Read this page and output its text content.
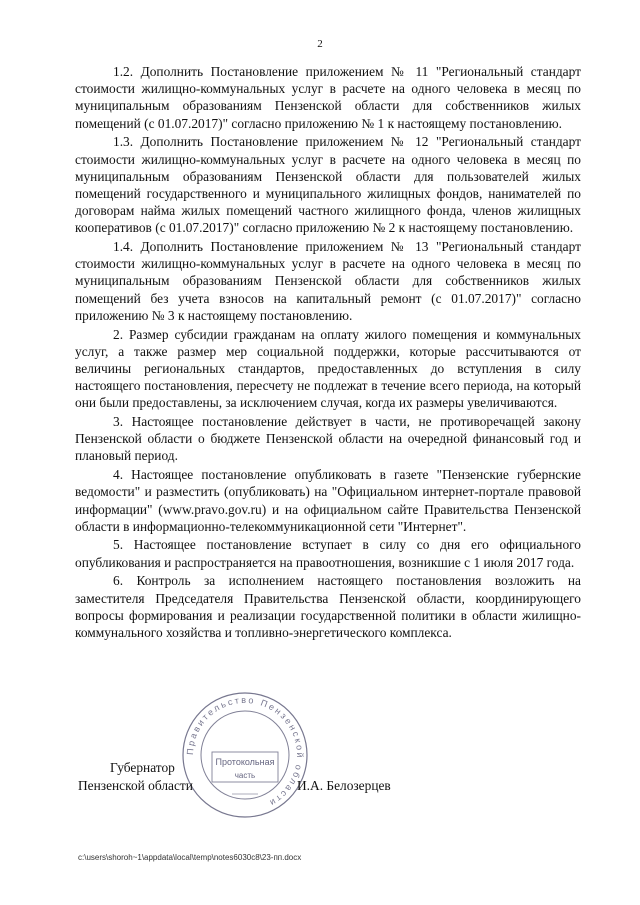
2

1.2. Дополнить Постановление приложением № 11 "Региональный стандарт стоимости жилищно-коммунальных услуг в расчете на одного человека в месяц по муниципальным образованиям Пензенской области для собственников жилых помещений (с 01.07.2017)" согласно приложению № 1 к настоящему постановлению.

1.3. Дополнить Постановление приложением № 12 "Региональный стандарт стоимости жилищно-коммунальных услуг в расчете на одного человека в месяц по муниципальным образованиям Пензенской области для пользователей жилых помещений государственного и муниципального жилищных фондов, нанимателей по договорам найма жилых помещений частного жилищного фонда, членов жилищных кооперативов (с 01.07.2017)" согласно приложению № 2 к настоящему постановлению.

1.4. Дополнить Постановление приложением № 13 "Региональный стандарт стоимости жилищно-коммунальных услуг в расчете на одного человека в месяц по муниципальным образованиям Пензенской области для собственников жилых помещений без учета взносов на капитальный ремонт (с 01.07.2017)" согласно приложению № 3 к настоящему постановлению.

2. Размер субсидии гражданам на оплату жилого помещения и коммунальных услуг, а также размер мер социальной поддержки, которые рассчитываются от величины региональных стандартов, предоставленных до вступления в силу настоящего постановления, пересчету не подлежат в течение всего периода, на который они были предоставлены, за исключением случая, когда их размеры увеличиваются.

3. Настоящее постановление действует в части, не противоречащей закону Пензенской области о бюджете Пензенской области на очередной финансовый год и плановый период.

4. Настоящее постановление опубликовать в газете "Пензенские губернские ведомости" и разместить (опубликовать) на "Официальном интернет-портале правовой информации" (www.pravo.gov.ru) и на официальном сайте Правительства Пензенской области в информационно-телекоммуникационной сети "Интернет".

5. Настоящее постановление вступает в силу со дня его официального опубликования и распространяется на правоотношения, возникшие с 1 июля 2017 года.

6. Контроль за исполнением настоящего постановления возложить на заместителя Председателя Правительства Пензенской области, координирующего вопросы формирования и реализации государственной политики в области жилищно-коммунального хозяйства и топливно-энергетического комплекса.

Правительство Пензенской области
Протокольная
часть
Губернатор
Пензенской области	И.А. Белозерцев
c:\users\shoroh~1\appdata\local\temp\notes6030c8\23-пп.docx
